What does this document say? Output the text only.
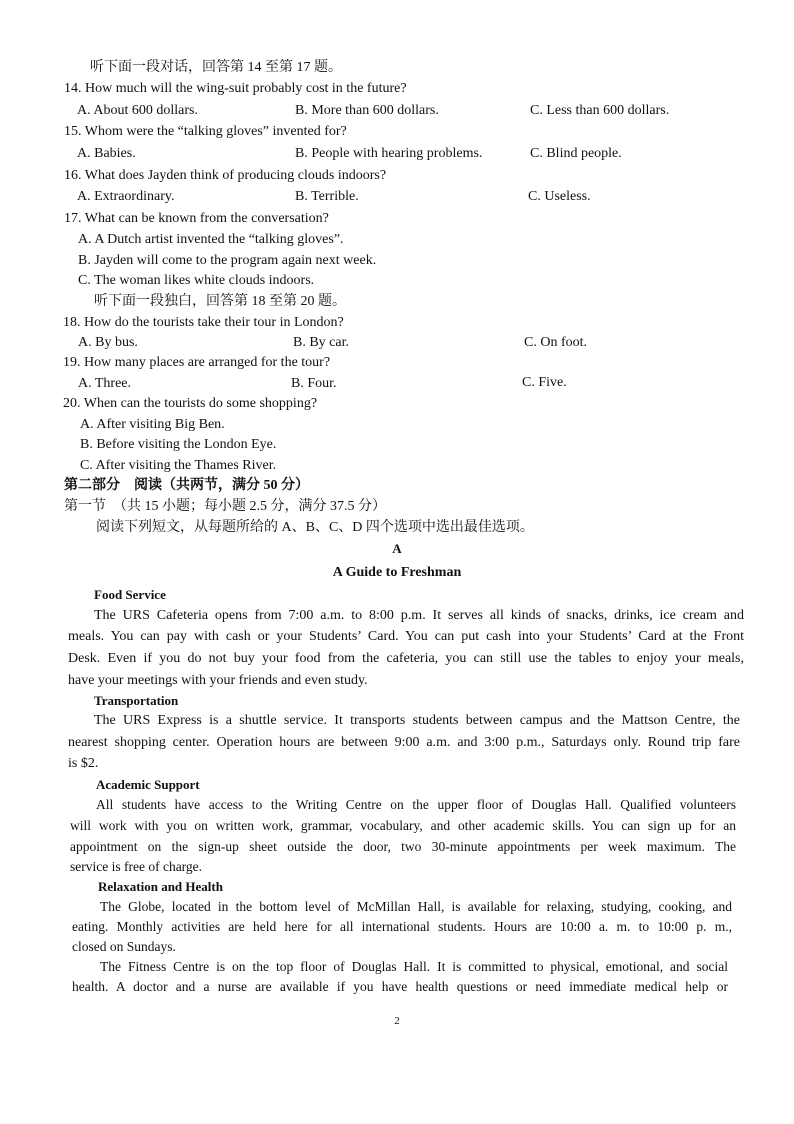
听下面一段对话，回答第 14 至第 17 题。
14. How much will the wing-suit probably cost in the future?
A. About 600 dollars.	B. More than 600 dollars.	C. Less than 600 dollars.
15. Whom were the “talking gloves” invented for?
A. Babies.	B. People with hearing problems.	C. Blind people.
16. What does Jayden think of producing clouds indoors?
A. Extraordinary.	B. Terrible.	C. Useless.
17. What can be known from the conversation?
A. A Dutch artist invented the “talking gloves”.
B. Jayden will come to the program again next week.
C. The woman likes white clouds indoors.
听下面一段独白，回答第 18 至第 20 题。
18. How do the tourists take their tour in London?
A. By bus.	B. By car.	C. On foot.
19. How many places are arranged for the tour?
A. Three.	B. Four.	C. Five.
20. When can the tourists do some shopping?
A. After visiting Big Ben.
B. Before visiting the London Eye.
C. After visiting the Thames River.
第二部分　阅读（共两节，满分 50 分）
第一节　（共 15 小题；每小题 2.5 分，满分 37.5 分）
阅读下列短文，从每题所给的 A、B、C、D 四个选项中选出最佳选项。
A
A Guide to Freshman
Food Service
The URS Cafeteria opens from 7:00 a.m. to 8:00 p.m. It serves all kinds of snacks, drinks, ice cream and
meals. You can pay with cash or your Students’ Card. You can put cash into your Students’ Card at the Front
Desk. Even if you do not buy your food from the cafeteria, you can still use the tables to enjoy your meals,
have your meetings with your friends and even study.
Transportation
The URS Express is a shuttle service. It transports students between campus and the Mattson Centre, the
nearest shopping center. Operation hours are between 9:00 a.m. and 3:00 p.m., Saturdays only. Round trip fare
is $2.
Academic Support
All students have access to the Writing Centre on the upper floor of Douglas Hall. Qualified volunteers
will work with you on written work, grammar, vocabulary, and other academic skills. You can sign up for an
appointment on the sign-up sheet outside the door, two 30-minute appointments per week maximum. The
service is free of charge.
Relaxation and Health
The Globe, located in the bottom level of McMillan Hall, is available for relaxing, studying, cooking, and
eating. Monthly activities are held here for all international students. Hours are 10:00 a. m. to 10:00 p. m.,
closed on Sundays.
The Fitness Centre is on the top floor of Douglas Hall. It is committed to physical, emotional, and social
health. A doctor and a nurse are available if you have health questions or need immediate medical help or
2
